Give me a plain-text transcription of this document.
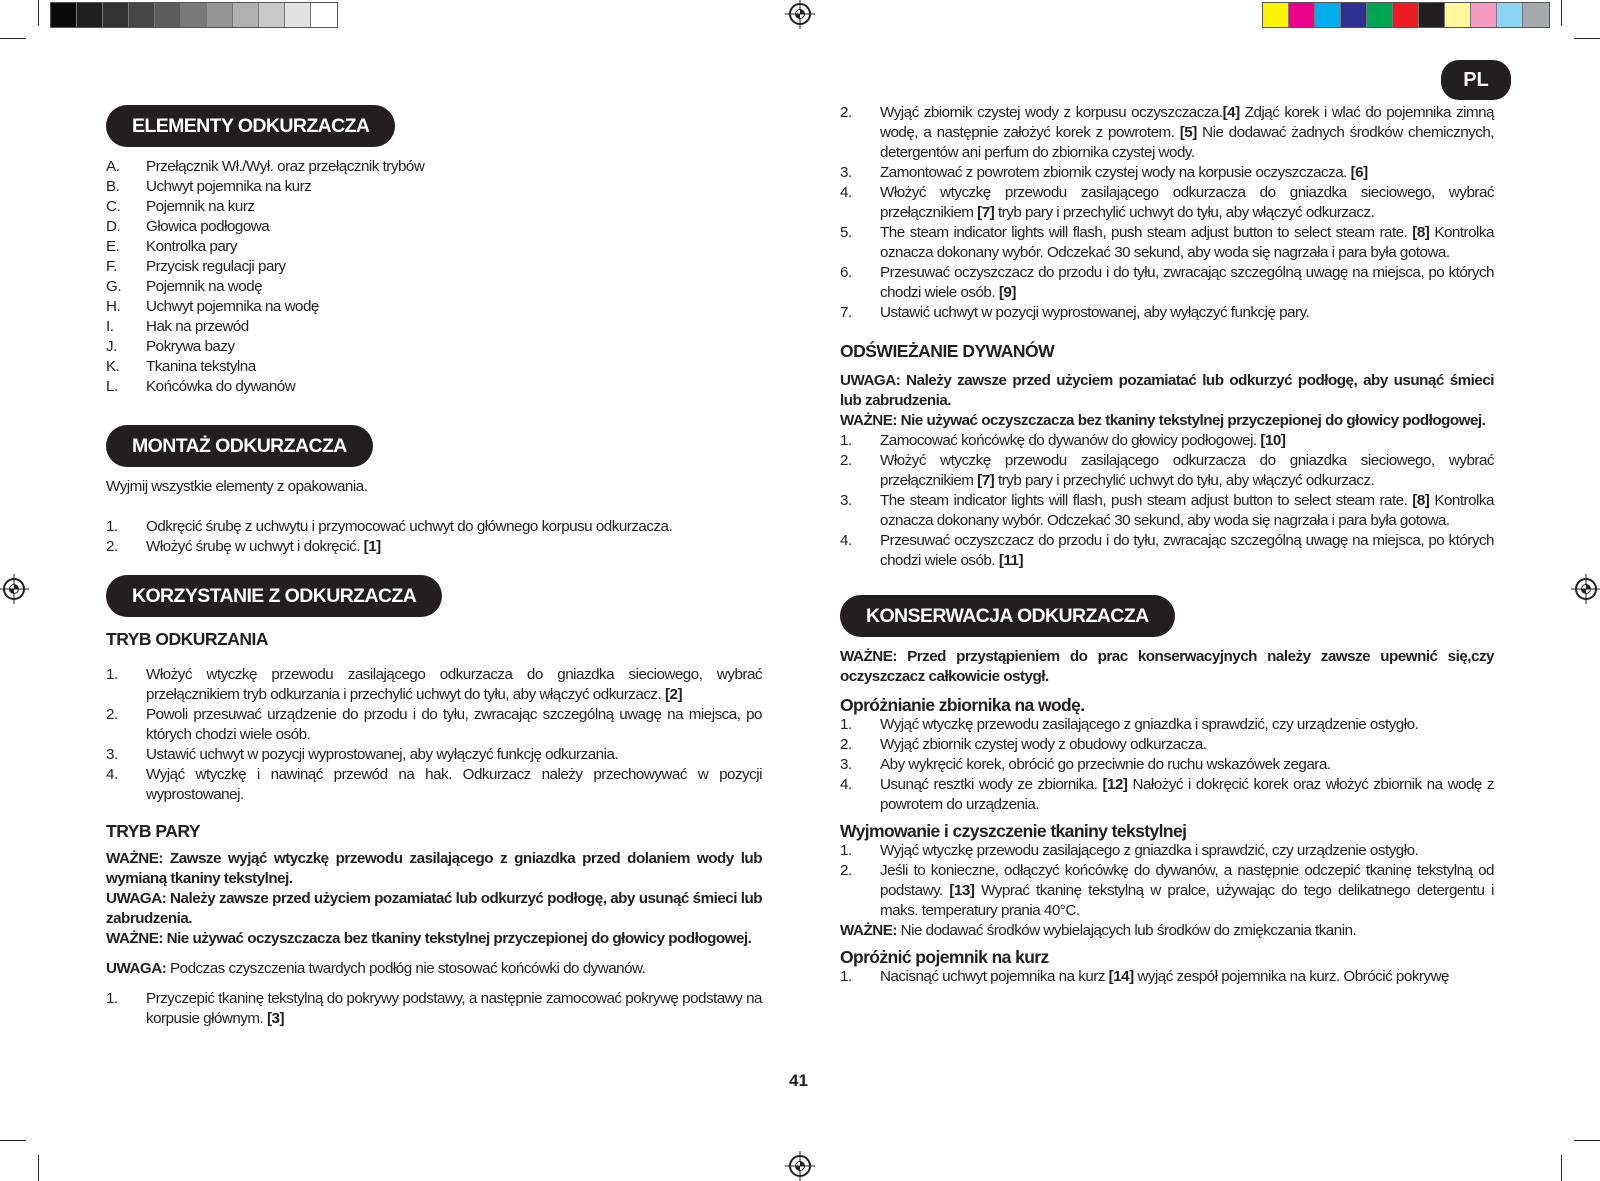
PL
ELEMENTY ODKURZACZA

A. Przełącznik Wł./Wył. oraz przełącznik trybów

B. Uchwyt pojemnika na kurz

C. Pojemnik na kurz

D. Głowica podłogowa

E. Kontrolka pary

F. Przycisk regulacji pary

G. Pojemnik na wodę

H. Uchwyt pojemnika na wodę

I. Hak na przewód

J. Pokrywa bazy

K. Tkanina tekstylna

L. Końcówka do dywanów

MONTAŻ ODKURZACZA

Wyjmij wszystkie elementy z opakowania.

1. Odkręcić śrubę z uchwytu i przymocować uchwyt do głównego korpusu odkurzacza.

2. Włożyć śrubę w uchwyt i dokręcić. [1]

KORZYSTANIE Z ODKURZACZA
TRYB ODKURZANIA

1. Włożyć wtyczkę przewodu zasilającego odkurzacza do gniazdka sieciowego, wybrać przełącznikiem tryb odkurzania i przechylić uchwyt do tyłu, aby włączyć odkurzacz. [2]

2. Powoli przesuwać urządzenie do przodu i do tyłu, zwracając szczególną uwagę na miejsca, po których chodzi wiele osób.

3. Ustawić uchwyt w pozycji wyprostowanej, aby wyłączyć funkcję odkurzania.

4. Wyjąć wtyczkę i nawinąć przewód na hak. Odkurzacz należy przechowywać w pozycji wyprostowanej.

TRYB PARY

WAŻNE: Zawsze wyjąć wtyczkę przewodu zasilającego z gniazdka przed dolaniem wody lub wymianą tkaniny tekstylnej.

UWAGA: Należy zawsze przed użyciem pozamiatać lub odkurzyć podłogę, aby usunąć śmieci lub zabrudzenia.

WAŻNE: Nie używać oczyszczacza bez tkaniny tekstylnej przyczepionej do głowicy podłogowej.

UWAGA: Podczas czyszczenia twardych podłóg nie stosować końcówki do dywanów.

1. Przyczepić tkaninę tekstylną do pokrywy podstawy, a następnie zamocować pokrywę podstawy na korpusie głównym. [3]

2. Wyjąć zbiornik czystej wody z korpusu oczyszczacza.[4] Zdjąć korek i wlać do pojemnika zimną wodę, a następnie założyć korek z powrotem. [5] Nie dodawać żadnych środków chemicznych, detergentów ani perfum do zbiornika czystej wody.

3. Zamontować z powrotem zbiornik czystej wody na korpusie oczyszczacza. [6]

4. Włożyć wtyczkę przewodu zasilającego odkurzacza do gniazdka sieciowego, wybrać przełącznikiem [7] tryb pary i przechylić uchwyt do tyłu, aby włączyć odkurzacz.

5. The steam indicator lights will flash, push steam adjust button to select steam rate. [8] Kontrolka oznacza dokonany wybór. Odczekać 30 sekund, aby woda się nagrzała i para była gotowa.

6. Przesuwać oczyszczacz do przodu i do tyłu, zwracając szczególną uwagę na miejsca, po których chodzi wiele osób. [9]

7. Ustawić uchwyt w pozycji wyprostowanej, aby wyłączyć funkcję pary.

ODŚWIEŻANIE DYWANÓW

UWAGA: Należy zawsze przed użyciem pozamiatać lub odkurzyć podłogę, aby usunąć śmieci lub zabrudzenia.

WAŻNE: Nie używać oczyszczacza bez tkaniny tekstylnej przyczepionej do głowicy podłogowej.

1. Zamocować końcówkę do dywanów do głowicy podłogowej. [10]

2. Włożyć wtyczkę przewodu zasilającego odkurzacza do gniazdka sieciowego, wybrać przełącznikiem [7] tryb pary i przechylić uchwyt do tyłu, aby włączyć odkurzacz.

3. The steam indicator lights will flash, push steam adjust button to select steam rate. [8] Kontrolka oznacza dokonany wybór. Odczekać 30 sekund, aby woda się nagrzała i para była gotowa.

4. Przesuwać oczyszczacz do przodu i do tyłu, zwracając szczególną uwagę na miejsca, po których chodzi wiele osób. [11]

KONSERWACJA ODKURZACZA

WAŻNE: Przed przystąpieniem do prac konserwacyjnych należy zawsze upewnić się,czy oczyszczacz całkowicie ostygł.

Opróżnianie zbiornika na wodę.

1. Wyjąć wtyczkę przewodu zasilającego z gniazdka i sprawdzić, czy urządzenie ostygło.

2. Wyjąć zbiornik czystej wody z obudowy odkurzacza.

3. Aby wykręcić korek, obrócić go przeciwnie do ruchu wskazówek zegara.

4. Usunąć resztki wody ze zbiornika. [12] Nałożyć i dokręcić korek oraz włożyć zbiornik na wodę z powrotem do urządzenia.

Wyjmowanie i czyszczenie tkaniny tekstylnej

1. Wyjąć wtyczkę przewodu zasilającego z gniazdka i sprawdzić, czy urządzenie ostygło.

2. Jeśli to konieczne, odłączyć końcówkę do dywanów, a następnie odczepić tkaninę tekstylną od podstawy. [13] Wyprać tkaninę tekstylną w pralce, używając do tego delikatnego detergentu i maks. temperatury prania 40°C.

WAŻNE: Nie dodawać środków wybielających lub środków do zmiękczania tkanin.

Opróżnić pojemnik na kurz

1. Nacisnąć uchwyt pojemnika na kurz [14] wyjąć zespół pojemnika na kurz. Obrócić pokrywę

41
